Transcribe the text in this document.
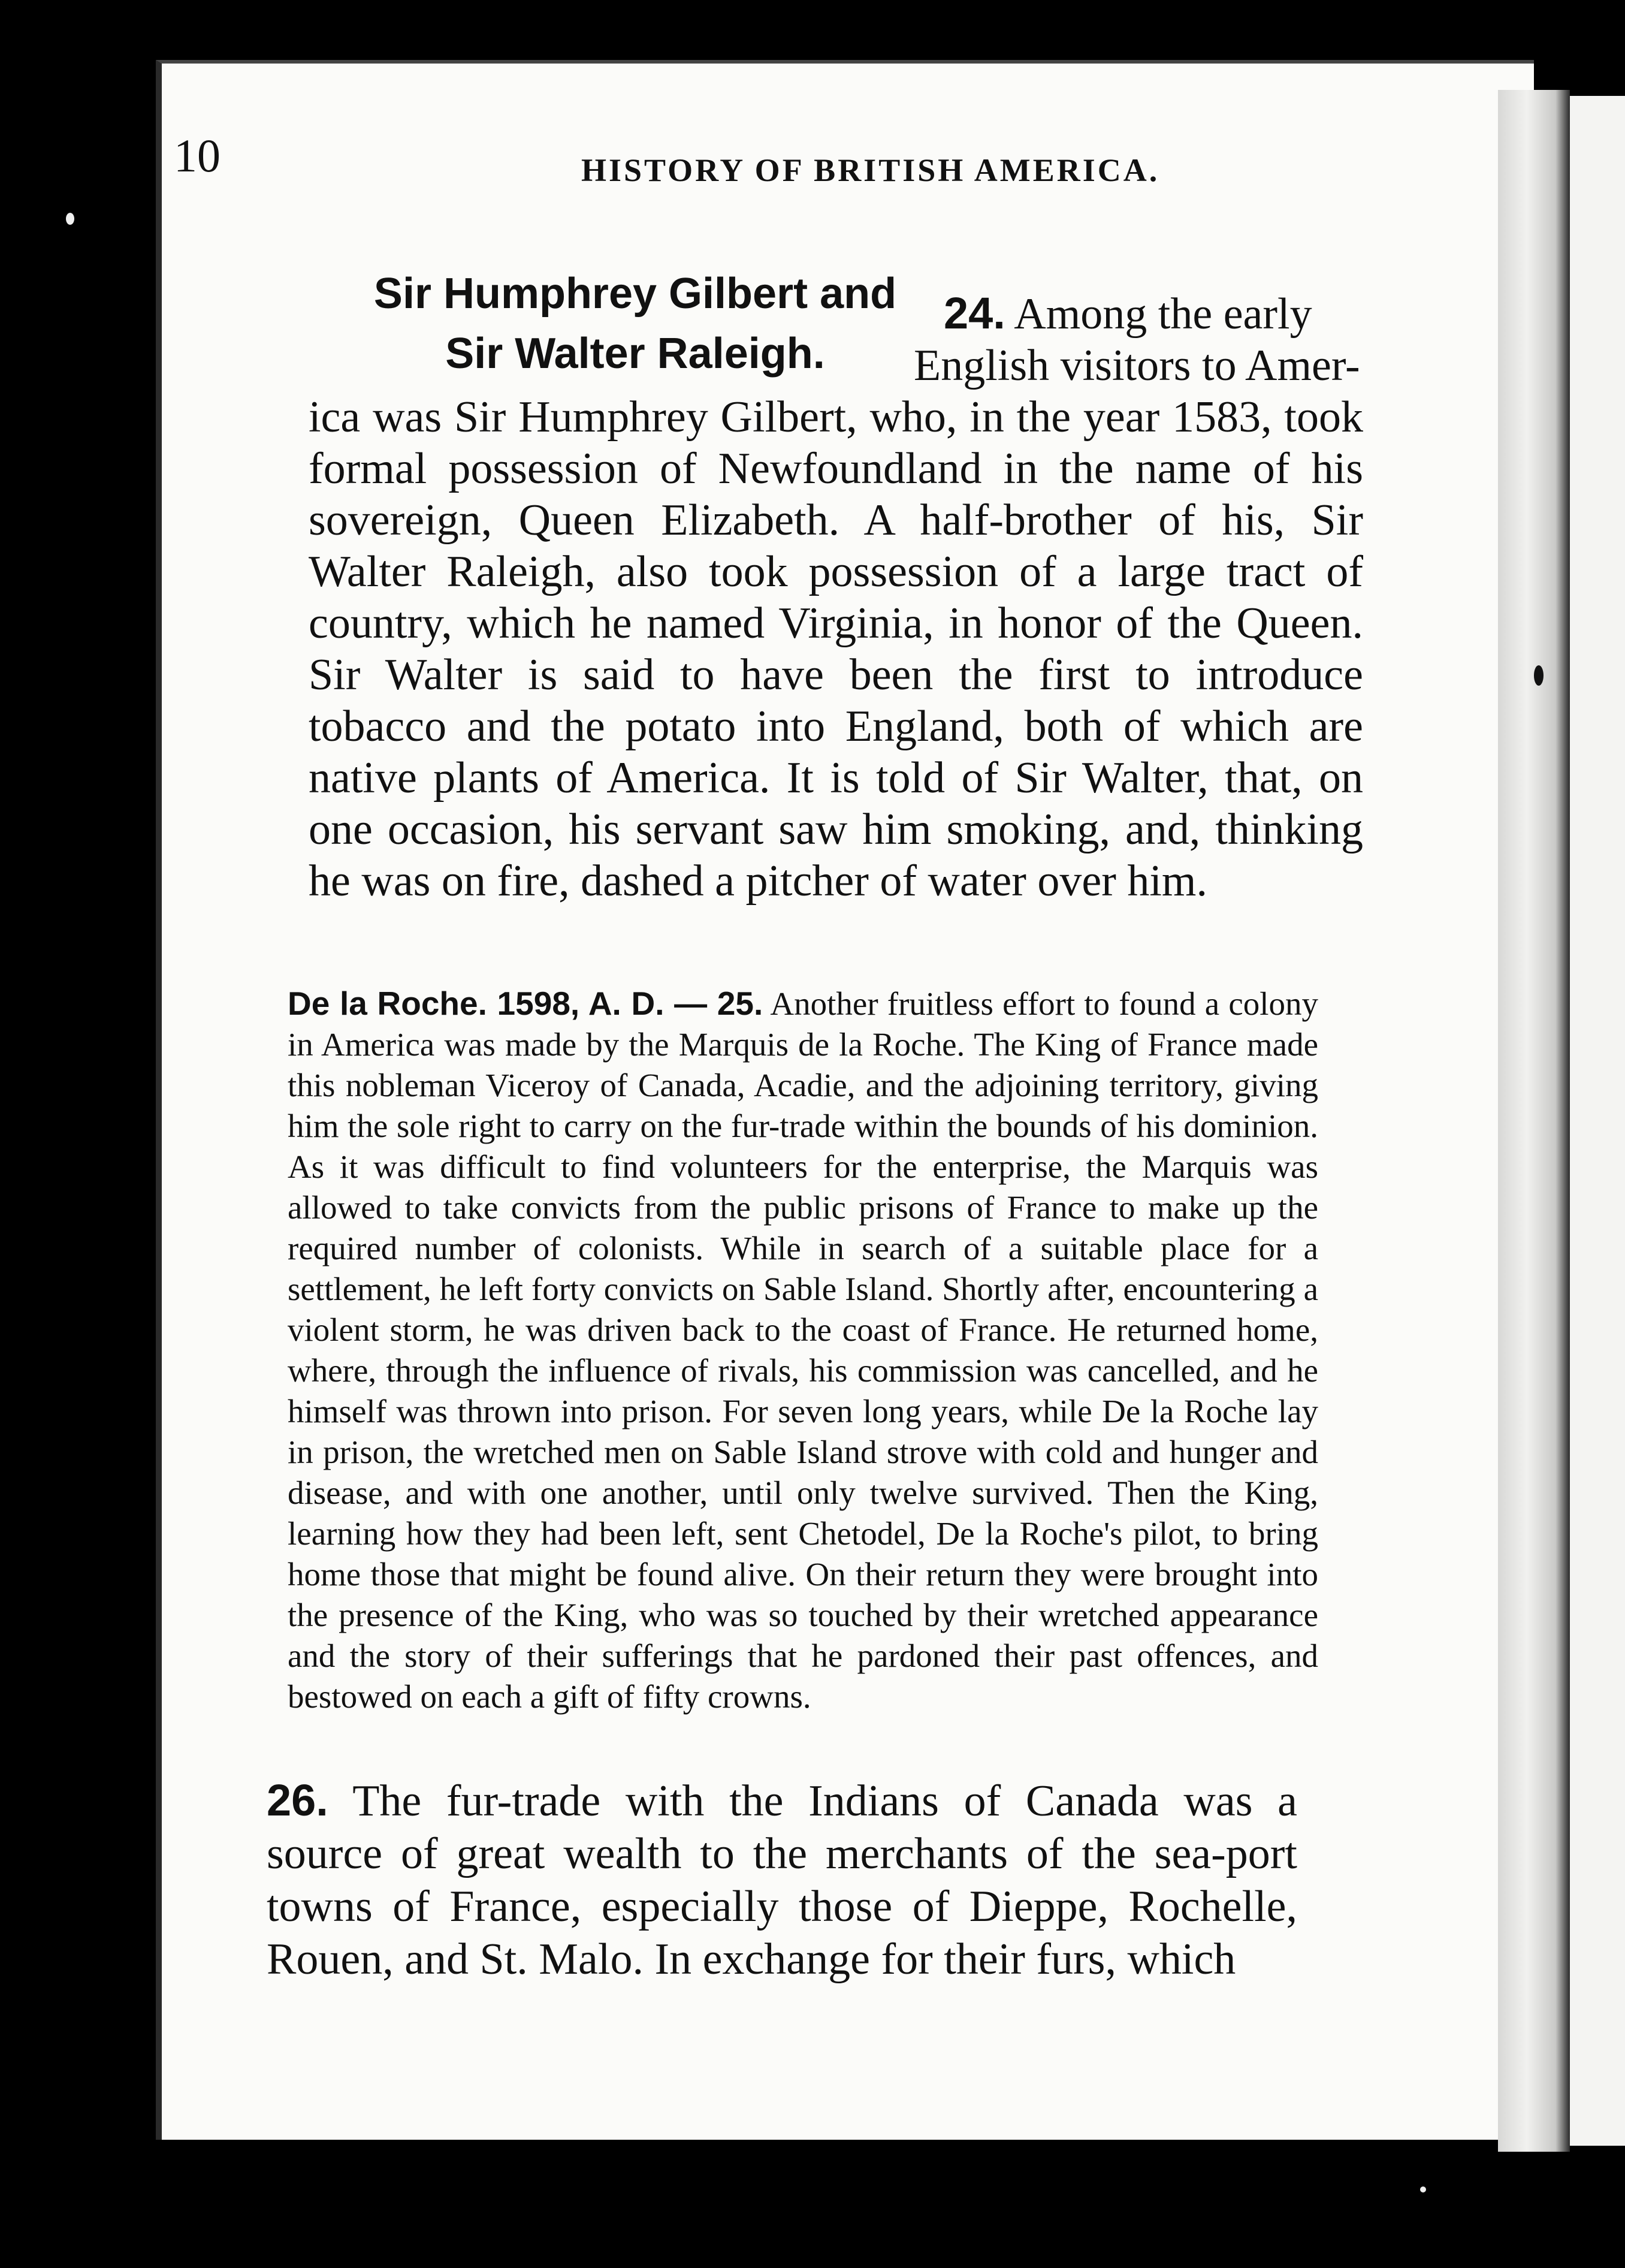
10	HISTORY OF BRITISH AMERICA.
Sir Humphrey Gilbert and
Sir Walter Raleigh.
24. Among the early
English visitors to Amer-
ica was Sir Humphrey Gilbert, who, in the year 1583, took formal possession of Newfoundland in the name of his sovereign, Queen Elizabeth. A half-brother of his, Sir Walter Raleigh, also took possession of a large tract of country, which he named Virginia, in honor of the Queen. Sir Walter is said to have been the first to introduce tobacco and the potato into England, both of which are native plants of America. It is told of Sir Walter, that, on one occasion, his servant saw him smoking, and, thinking he was on fire, dashed a pitcher of water over him.
De la Roche. 1598, A. D. — 25. Another fruitless effort to found a colony in America was made by the Marquis de la Roche. The King of France made this nobleman Viceroy of Canada, Acadie, and the adjoining territory, giving him the sole right to carry on the fur-trade within the bounds of his dominion. As it was difficult to find volunteers for the enterprise, the Marquis was allowed to take convicts from the public prisons of France to make up the required number of colonists. While in search of a suitable place for a settlement, he left forty convicts on Sable Island. Shortly after, encountering a violent storm, he was driven back to the coast of France. He returned home, where, through the influence of rivals, his commission was cancelled, and he himself was thrown into prison. For seven long years, while De la Roche lay in prison, the wretched men on Sable Island strove with cold and hunger and disease, and with one another, until only twelve survived. Then the King, learning how they had been left, sent Chetodel, De la Roche's pilot, to bring home those that might be found alive. On their return they were brought into the presence of the King, who was so touched by their wretched appearance and the story of their sufferings that he pardoned their past offences, and bestowed on each a gift of fifty crowns.
26. The fur-trade with the Indians of Canada was a source of great wealth to the merchants of the sea-port towns of France, especially those of Dieppe, Rochelle, Rouen, and St. Malo. In exchange for their furs, which
